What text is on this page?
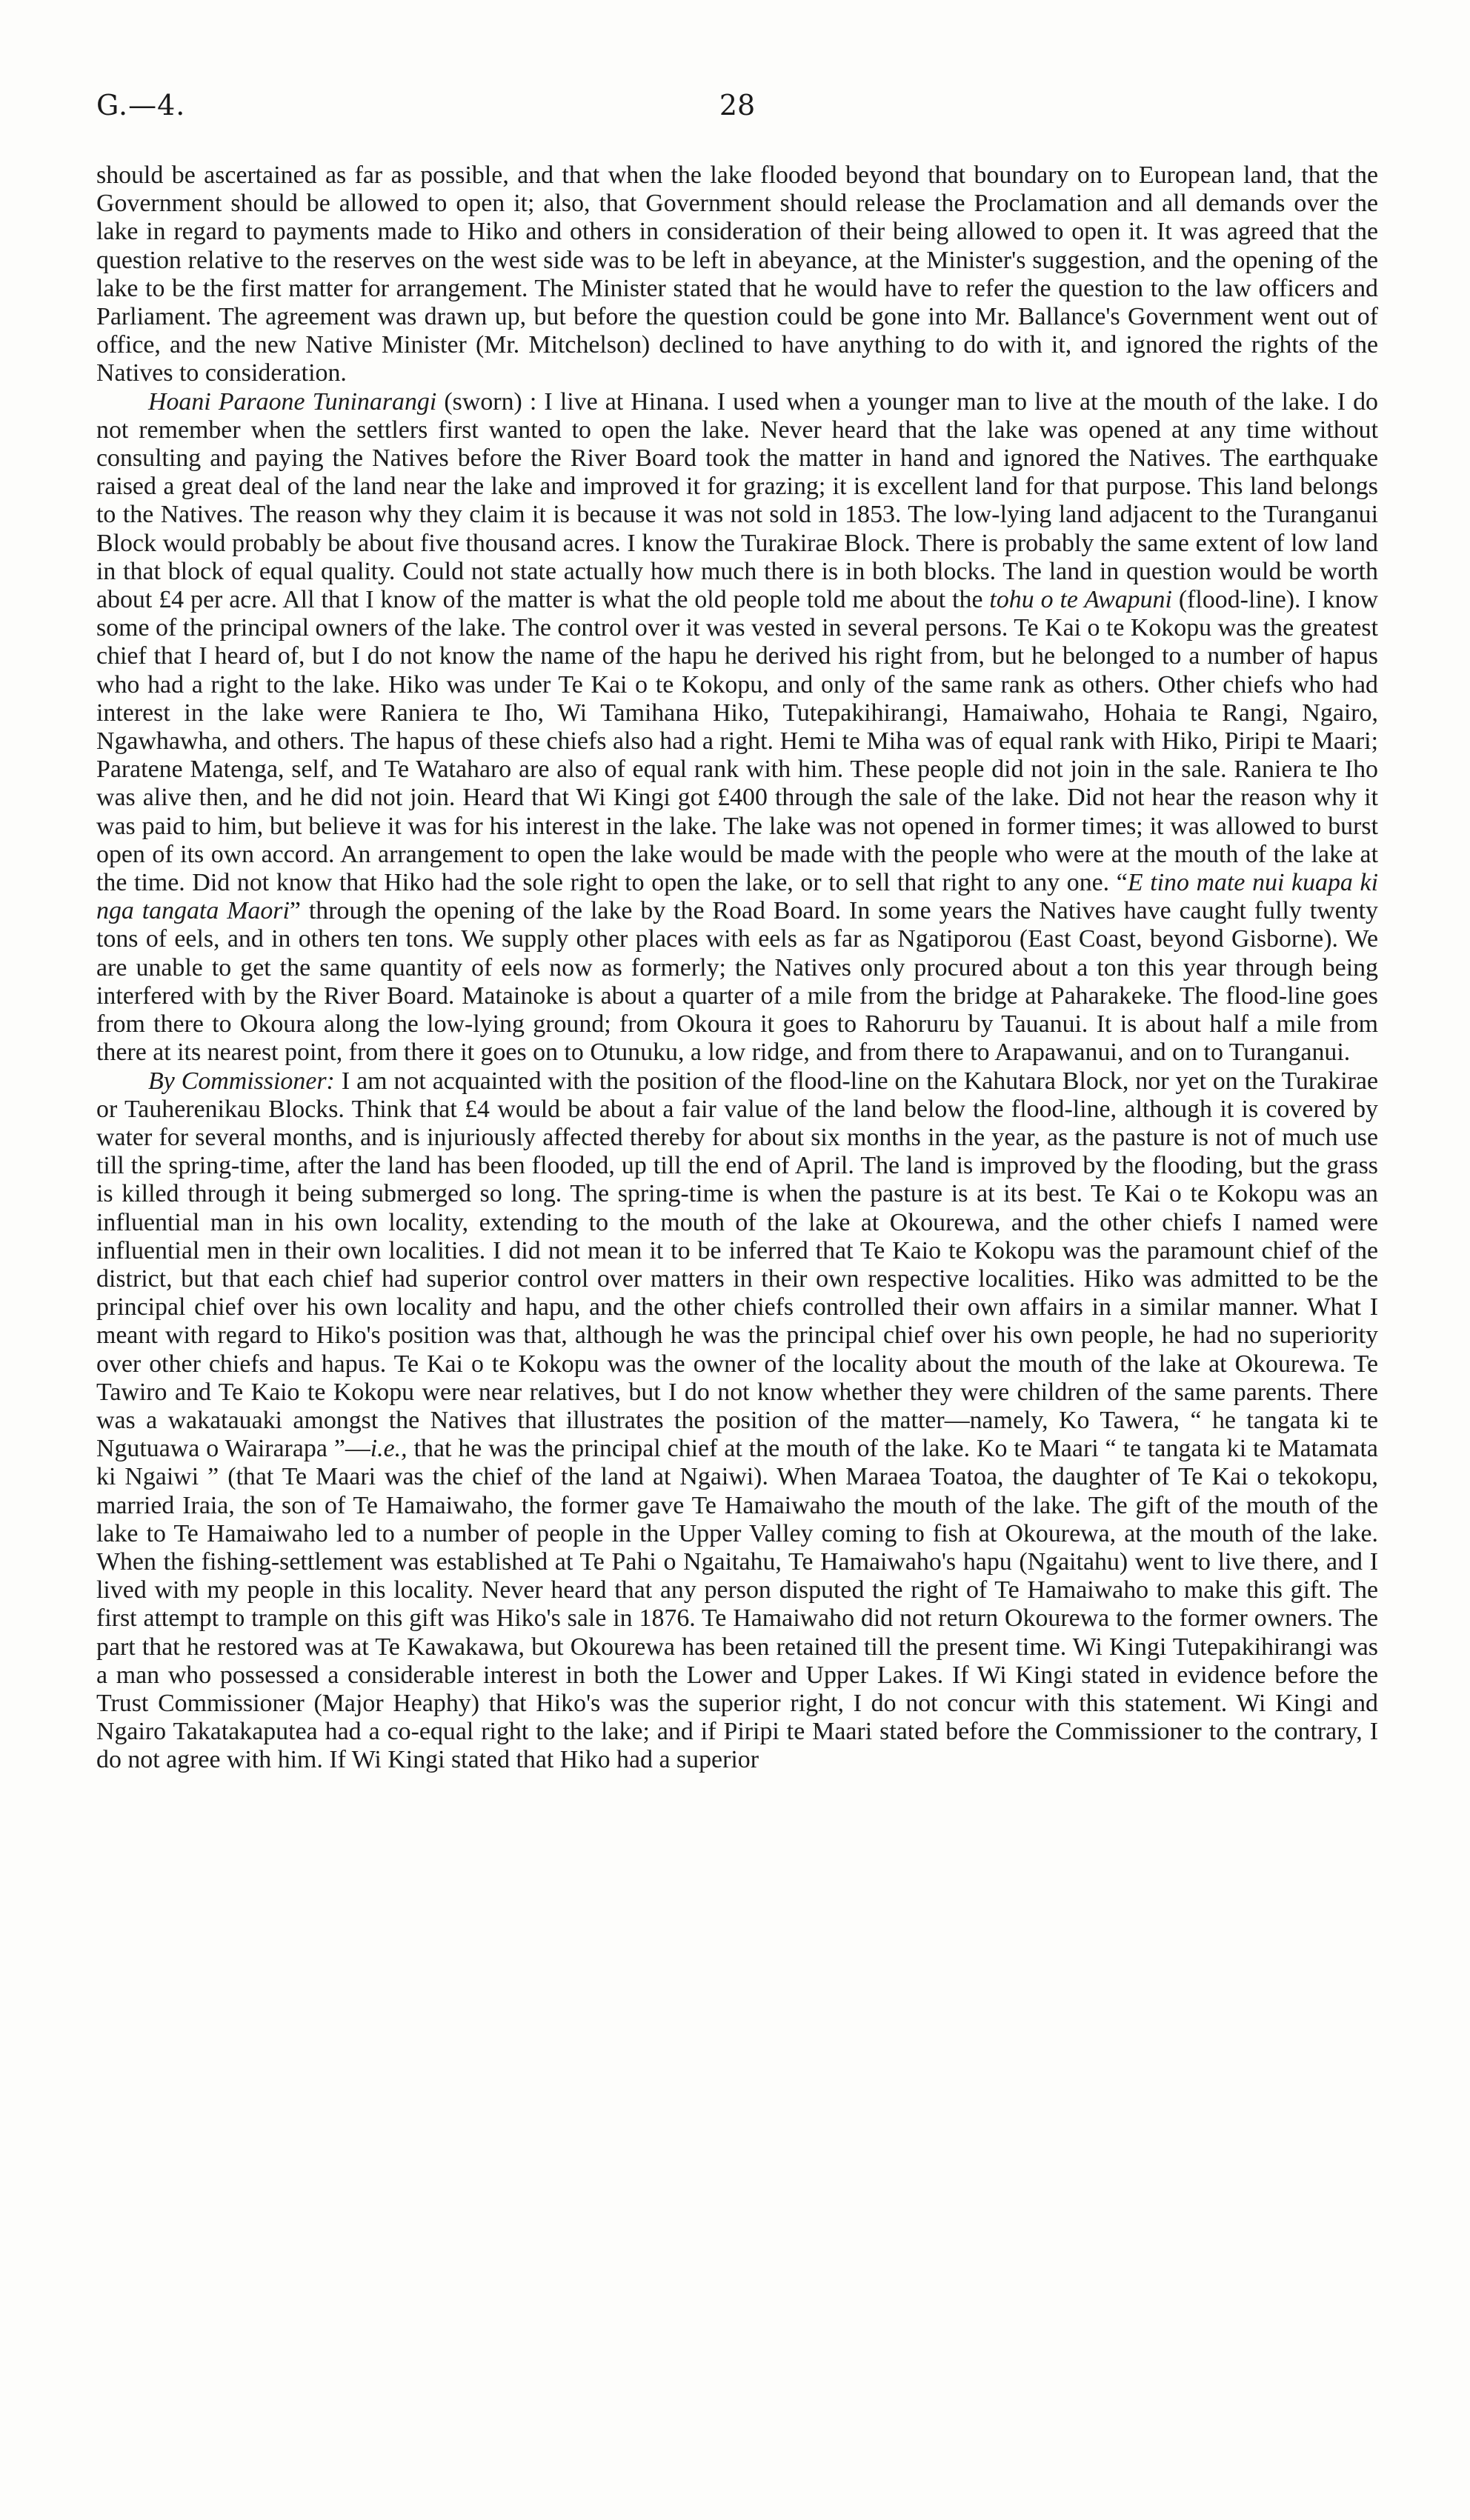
G.—4.	28

should be ascertained as far as possible, and that when the lake flooded beyond that boundary on to European land, that the Government should be allowed to open it; also, that Government should release the Proclamation and all demands over the lake in regard to payments made to Hiko and others in consideration of their being allowed to open it. It was agreed that the question relative to the reserves on the west side was to be left in abeyance, at the Minister's suggestion, and the opening of the lake to be the first matter for arrangement. The Minister stated that he would have to refer the question to the law officers and Parliament. The agreement was drawn up, but before the question could be gone into Mr. Ballance's Government went out of office, and the new Native Minister (Mr. Mitchelson) declined to have anything to do with it, and ignored the rights of the Natives to consideration.

Hoani Paraone Tuninarangi (sworn) : I live at Hinana. I used when a younger man to live at the mouth of the lake. I do not remember when the settlers first wanted to open the lake. Never heard that the lake was opened at any time without consulting and paying the Natives before the River Board took the matter in hand and ignored the Natives. The earthquake raised a great deal of the land near the lake and improved it for grazing; it is excellent land for that purpose. This land belongs to the Natives. The reason why they claim it is because it was not sold in 1853. The low-lying land adjacent to the Turanganui Block would probably be about five thousand acres. I know the Turakirae Block. There is probably the same extent of low land in that block of equal quality. Could not state actually how much there is in both blocks. The land in question would be worth about £4 per acre. All that I know of the matter is what the old people told me about the tohu o te Awapuni (flood-line). I know some of the principal owners of the lake. The control over it was vested in several persons. Te Kai o te Kokopu was the greatest chief that I heard of, but I do not know the name of the hapu he derived his right from, but he belonged to a number of hapus who had a right to the lake. Hiko was under Te Kai o te Kokopu, and only of the same rank as others. Other chiefs who had interest in the lake were Raniera te Iho, Wi Tamihana Hiko, Tutepakihirangi, Hamaiwaho, Hohaia te Rangi, Ngairo, Ngawhawha, and others. The hapus of these chiefs also had a right. Hemi te Miha was of equal rank with Hiko, Piripi te Maari; Paratene Matenga, self, and Te Wataharo are also of equal rank with him. These people did not join in the sale. Raniera te Iho was alive then, and he did not join. Heard that Wi Kingi got £400 through the sale of the lake. Did not hear the reason why it was paid to him, but believe it was for his interest in the lake. The lake was not opened in former times; it was allowed to burst open of its own accord. An arrangement to open the lake would be made with the people who were at the mouth of the lake at the time. Did not know that Hiko had the sole right to open the lake, or to sell that right to any one. “E tino mate nui kuapa ki nga tangata Maori” through the opening of the lake by the Road Board. In some years the Natives have caught fully twenty tons of eels, and in others ten tons. We supply other places with eels as far as Ngatiporou (East Coast, beyond Gisborne). We are unable to get the same quantity of eels now as formerly; the Natives only procured about a ton this year through being interfered with by the River Board. Matainoke is about a quarter of a mile from the bridge at Paharakeke. The flood-line goes from there to Okoura along the low-lying ground; from Okoura it goes to Rahoruru by Tauanui. It is about half a mile from there at its nearest point, from there it goes on to Otunuku, a low ridge, and from there to Arapawanui, and on to Turanganui.

By Commissioner: I am not acquainted with the position of the flood-line on the Kahutara Block, nor yet on the Turakirae or Tauherenikau Blocks. Think that £4 would be about a fair value of the land below the flood-line, although it is covered by water for several months, and is injuriously affected thereby for about six months in the year, as the pasture is not of much use till the spring-time, after the land has been flooded, up till the end of April. The land is improved by the flooding, but the grass is killed through it being submerged so long. The spring-time is when the pasture is at its best. Te Kai o te Kokopu was an influential man in his own locality, extending to the mouth of the lake at Okourewa, and the other chiefs I named were influential men in their own localities. I did not mean it to be inferred that Te Kaio te Kokopu was the paramount chief of the district, but that each chief had superior control over matters in their own respective localities. Hiko was admitted to be the principal chief over his own locality and hapu, and the other chiefs controlled their own affairs in a similar manner. What I meant with regard to Hiko's position was that, although he was the principal chief over his own people, he had no superiority over other chiefs and hapus. Te Kai o te Kokopu was the owner of the locality about the mouth of the lake at Okourewa. Te Tawiro and Te Kaio te Kokopu were near relatives, but I do not know whether they were children of the same parents. There was a wakatauaki amongst the Natives that illustrates the position of the matter—namely, Ko Tawera, “ he tangata ki te Ngutuawa o Wairarapa ”—i.e., that he was the principal chief at the mouth of the lake. Ko te Maari “ te tangata ki te Matamata ki Ngaiwi ” (that Te Maari was the chief of the land at Ngaiwi). When Maraea Toatoa, the daughter of Te Kai o tekokopu, married Iraia, the son of Te Hamaiwaho, the former gave Te Hamaiwaho the mouth of the lake. The gift of the mouth of the lake to Te Hamaiwaho led to a number of people in the Upper Valley coming to fish at Okourewa, at the mouth of the lake. When the fishing-settlement was established at Te Pahi o Ngaitahu, Te Hamaiwaho's hapu (Ngaitahu) went to live there, and I lived with my people in this locality. Never heard that any person disputed the right of Te Hamaiwaho to make this gift. The first attempt to trample on this gift was Hiko's sale in 1876. Te Hamaiwaho did not return Okourewa to the former owners. The part that he restored was at Te Kawakawa, but Okourewa has been retained till the present time. Wi Kingi Tutepakihirangi was a man who possessed a considerable interest in both the Lower and Upper Lakes. If Wi Kingi stated in evidence before the Trust Commissioner (Major Heaphy) that Hiko's was the superior right, I do not concur with this statement. Wi Kingi and Ngairo Takatakaputea had a co-equal right to the lake; and if Piripi te Maari stated before the Commissioner to the contrary, I do not agree with him. If Wi Kingi stated that Hiko had a superior
